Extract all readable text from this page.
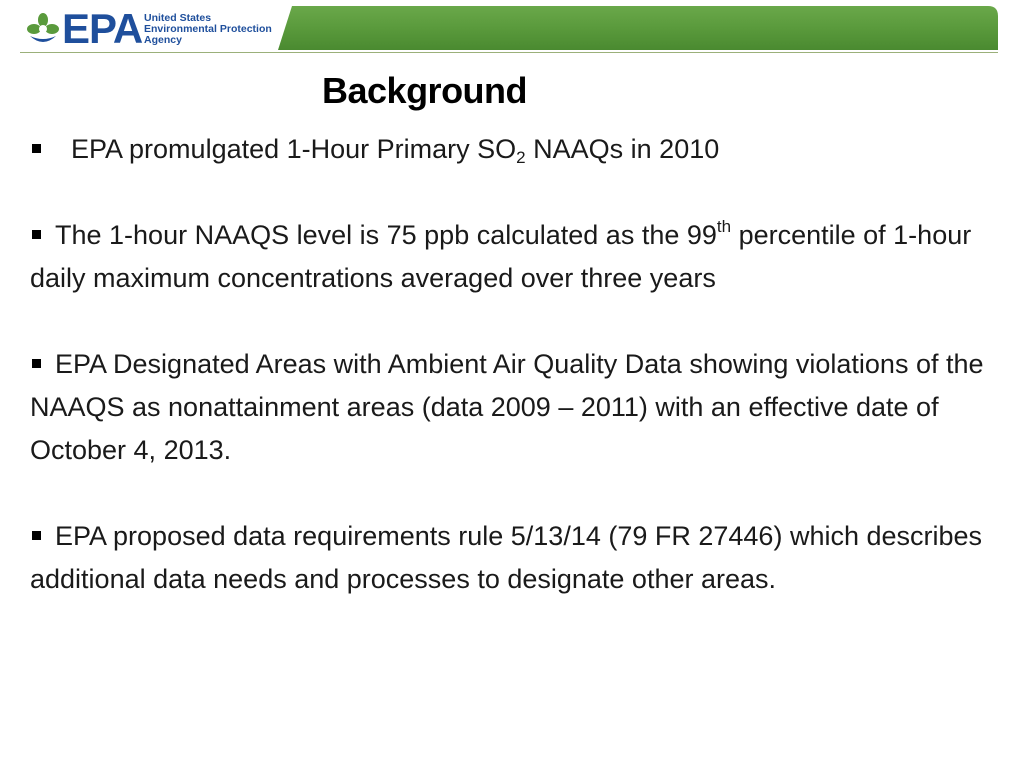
EPA United States
Environmental Protection
Agency
Background

EPA promulgated 1-Hour Primary $SO_2$ NAAQs in 2010

The 1-hour NAAQS level is 75 ppb calculated as the 99th percentile of 1-hour daily maximum concentrations averaged over three years

EPA Designated Areas with Ambient Air Quality Data showing violations of the NAAQS as nonattainment areas (data 2009 – 2011) with an effective date of October 4, 2013.

EPA proposed data requirements rule 5/13/14 (79 FR 27446) which describes additional data needs and processes to designate other areas.
